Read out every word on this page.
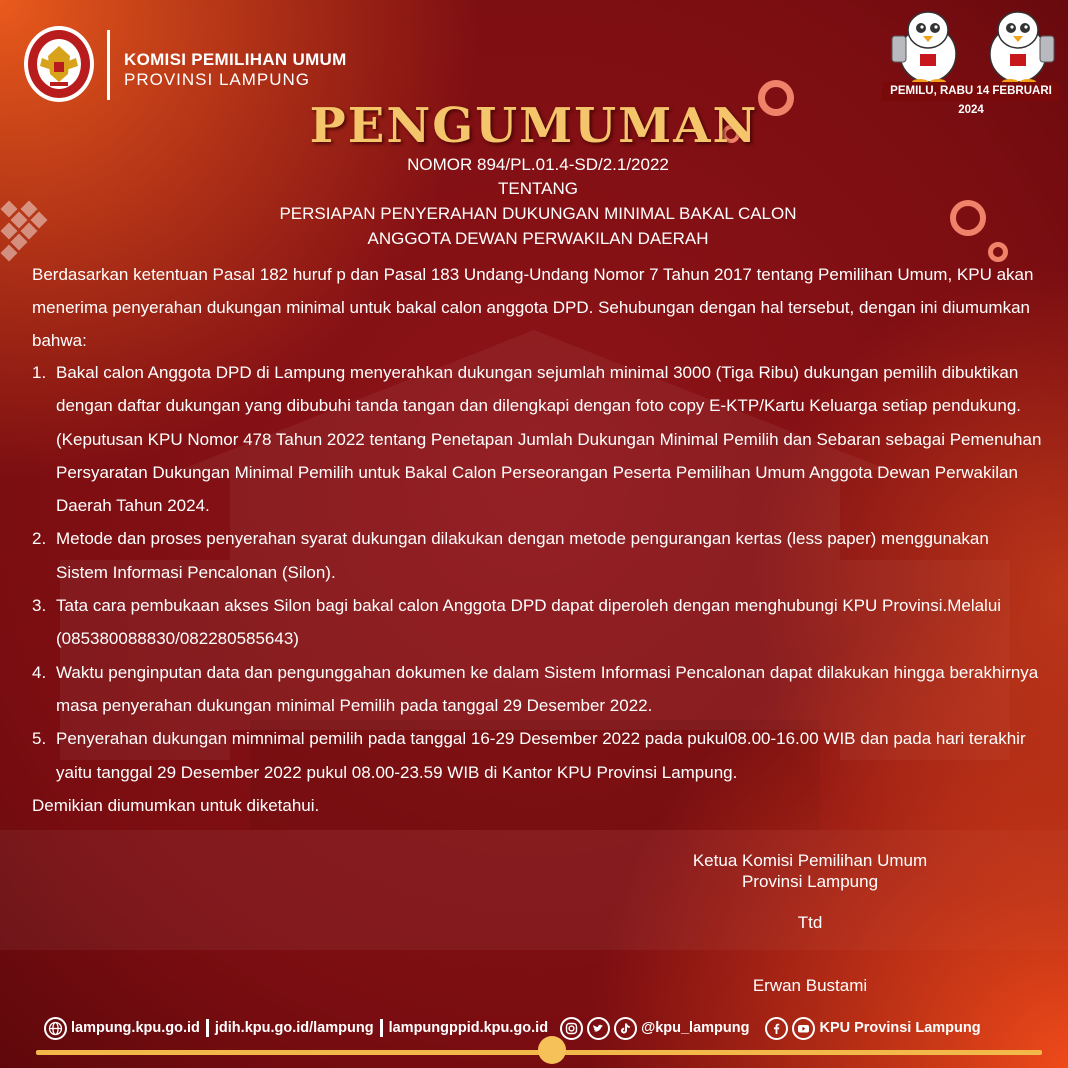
KOMISI PEMILIHAN UMUM
PROVINSI LAMPUNG
PEMILU, RABU 14 FEBRUARI 2024
PENGUMUMAN
NOMOR 894/PL.01.4-SD/2.1/2022
TENTANG
PERSIAPAN PENYERAHAN DUKUNGAN MINIMAL BAKAL CALON
ANGGOTA DEWAN PERWAKILAN DAERAH

Berdasarkan ketentuan Pasal 182 huruf p dan Pasal 183 Undang-Undang Nomor 7 Tahun 2017 tentang Pemilihan Umum, KPU akan menerima penyerahan dukungan minimal untuk bakal calon anggota DPD. Sehubungan dengan hal tersebut, dengan ini diumumkan bahwa:

1. Bakal calon Anggota DPD di Lampung menyerahkan dukungan sejumlah minimal 3000 (Tiga Ribu) dukungan pemilih dibuktikan dengan daftar dukungan yang dibubuhi tanda tangan dan dilengkapi dengan foto copy E-KTP/Kartu Keluarga setiap pendukung.(Keputusan KPU Nomor 478 Tahun 2022 tentang Penetapan Jumlah Dukungan Minimal Pemilih dan Sebaran sebagai Pemenuhan Persyaratan Dukungan Minimal Pemilih untuk Bakal Calon Perseorangan Peserta Pemilihan Umum Anggota Dewan Perwakilan Daerah Tahun 2024.
2. Metode dan proses penyerahan syarat dukungan dilakukan dengan metode pengurangan kertas (less paper) menggunakan Sistem Informasi Pencalonan (Silon).
3. Tata cara pembukaan akses Silon bagi bakal calon Anggota DPD dapat diperoleh dengan menghubungi KPU Provinsi.Melalui (085380088830/082280585643)
4. Waktu penginputan data dan pengunggahan dokumen ke dalam Sistem Informasi Pencalonan dapat dilakukan hingga berakhirnya masa penyerahan dukungan minimal Pemilih pada tanggal 29 Desember 2022.
5. Penyerahan dukungan mimnimal pemilih pada tanggal 16-29 Desember 2022 pada pukul08.00-16.00 WIB dan pada hari terakhir yaitu tanggal 29 Desember 2022 pukul 08.00-23.59 WIB di Kantor KPU Provinsi Lampung.

Demikian diumumkan untuk diketahui.

Ketua Komisi Pemilihan Umum
Provinsi Lampung
Ttd
Erwan Bustami
lampung.kpu.go.id jdih.kpu.go.id/lampung lampungppid.kpu.go.id	@kpu_lampung	KPU Provinsi Lampung
